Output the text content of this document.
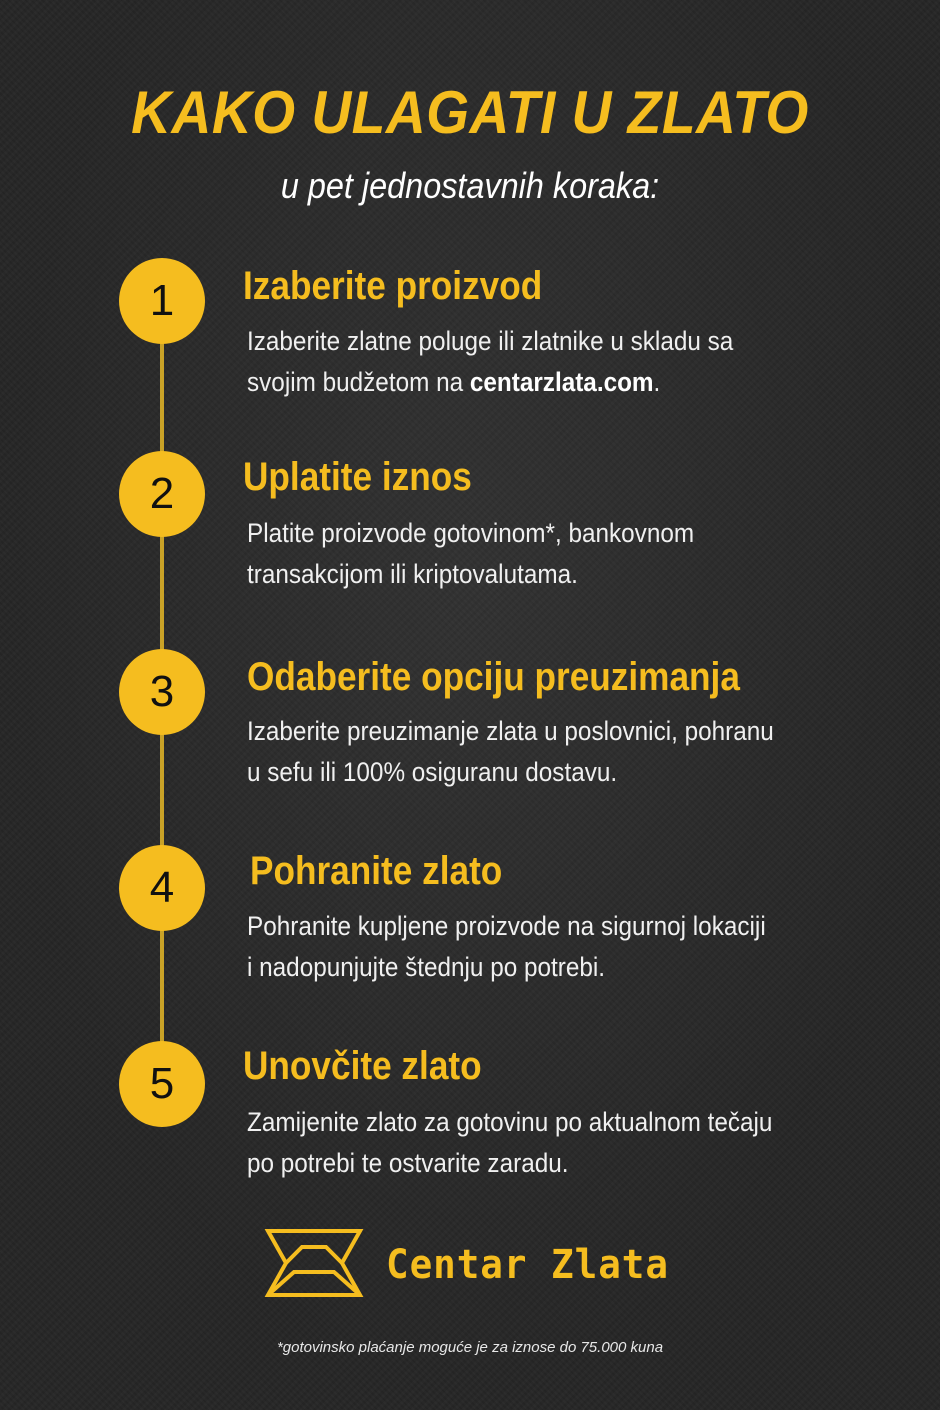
KAKO ULAGATI U ZLATO
u pet jednostavnih koraka:
1	Izaberite proizvod
Izaberite zlatne poluge ili zlatnike u skladu sa
svojim budžetom na centarzlata.com.
2	Uplatite iznos
Platite proizvode gotovinom*, bankovnom
transakcijom ili kriptovalutama.
3	Odaberite opciju preuzimanja
Izaberite preuzimanje zlata u poslovnici, pohranu
u sefu ili 100% osiguranu dostavu.
4	Pohranite zlato
Pohranite kupljene proizvode na sigurnoj lokaciji
i nadopunjujte štednju po potrebi.
5	Unovčite zlato
Zamijenite zlato za gotovinu po aktualnom tečaju
po potrebi te ostvarite zaradu.
Centar Zlata
*gotovinsko plaćanje moguće je za iznose do 75.000 kuna
